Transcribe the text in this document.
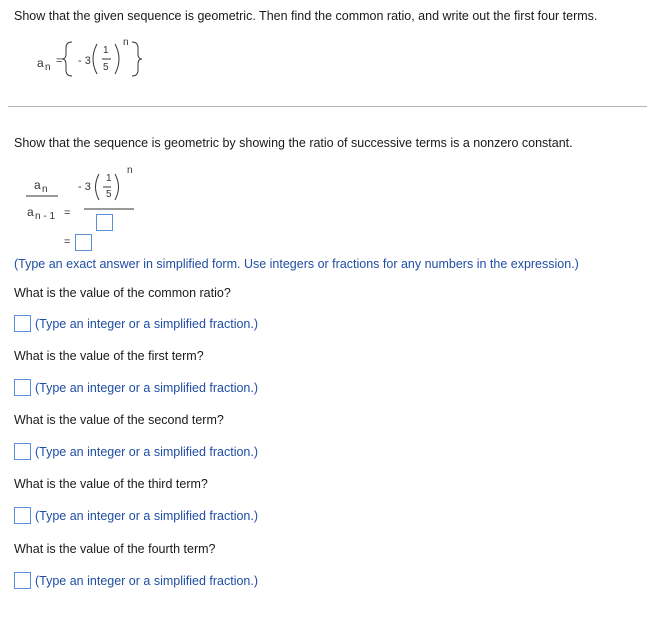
Show that the given sequence is geometric. Then find the common ratio, and write out the first four terms.
a n
= - 3
1
5
n
Show that the sequence is geometric by showing the ratio of successive terms is a nonzero constant.
a n
a n - 1 =
- 3
1
5
n
=
(Type an exact answer in simplified form. Use integers or fractions for any numbers in the expression.)
What is the value of the common ratio?
(Type an integer or a simplified fraction.)
What is the value of the first term?
(Type an integer or a simplified fraction.)
What is the value of the second term?
(Type an integer or a simplified fraction.)
What is the value of the third term?
(Type an integer or a simplified fraction.)
What is the value of the fourth term?
(Type an integer or a simplified fraction.)
